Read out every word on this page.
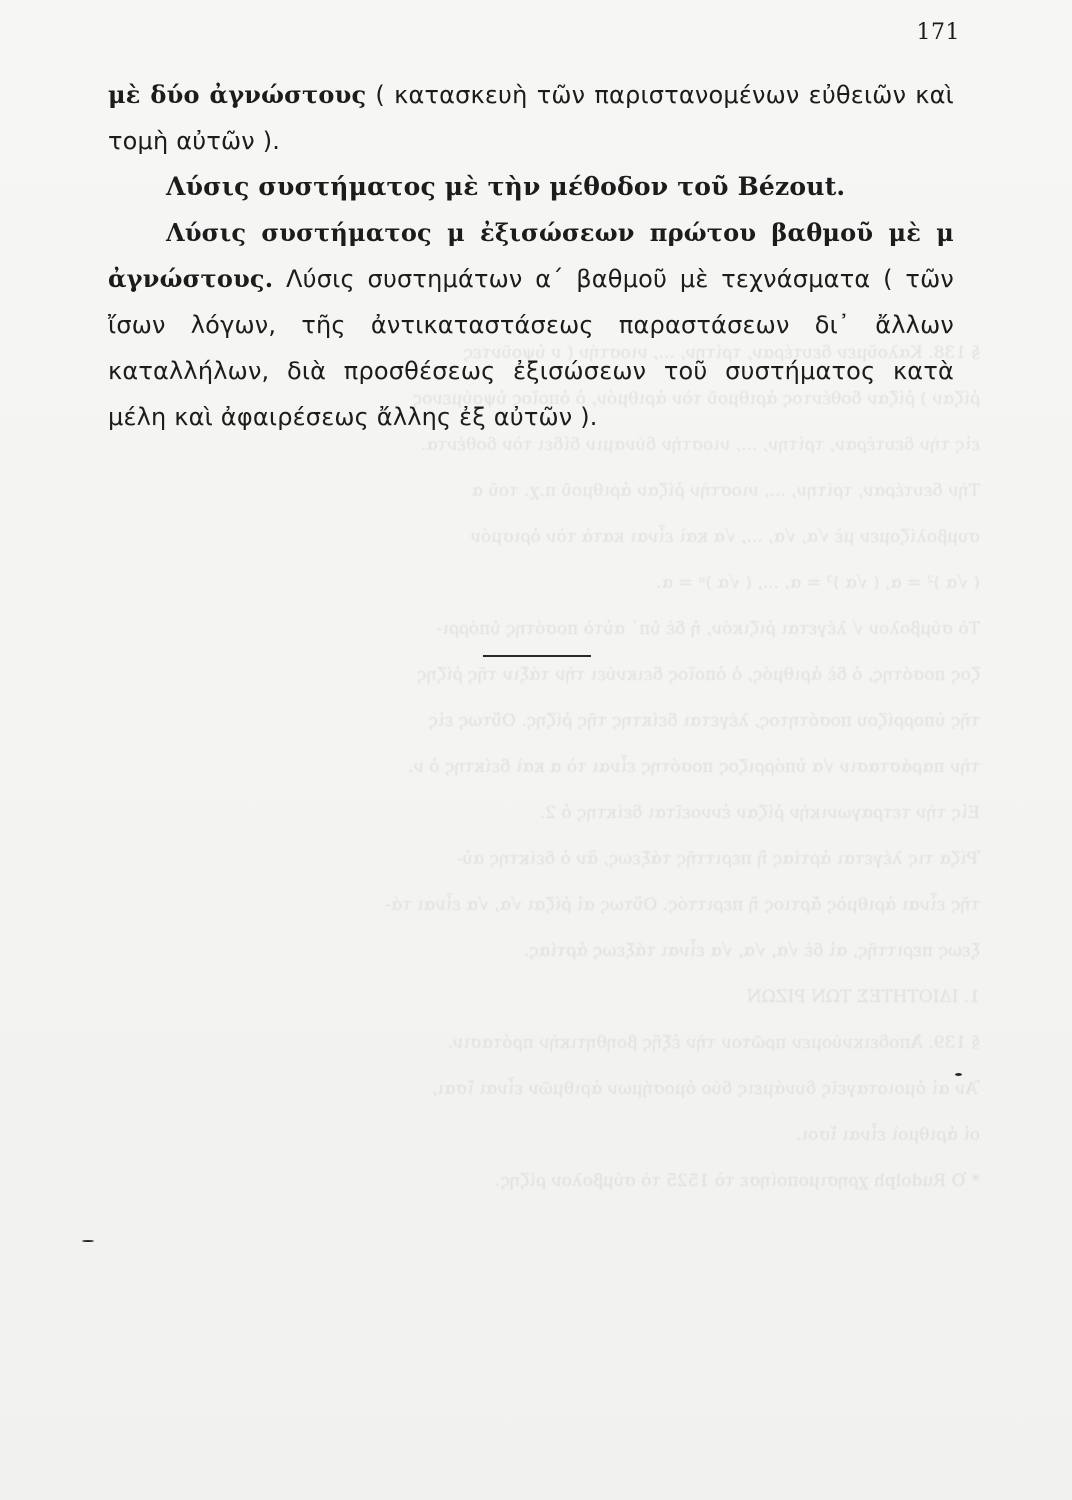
§ 138. Καλοῦμεν δευτέραν, τρίτην, ..., νιοστήν ( ν ὑψοῦντες
ῥίζαν ) ῥίζαν δοθέντος ἀριθμοῦ τὸν ἀριθμόν, ὁ ὁποῖος ὑψούμενος
εἰς τὴν δευτέραν, τρίτην, ..., νιοστὴν δύναμιν δίδει τὸν δοθέντα.
Τὴν δευτέραν, τρίτην, ..., νιοστὴν ῥίζαν ἀριθμοῦ π.χ. τοῦ α
συμβολίζομεν μὲ √α, √α, ..., √α καὶ εἶναι κατὰ τὸν ὁρισμόν
( √α )² = α, ( √α )³ = α, ..., ( √α )ⁿ = α.
Τὸ σύμβολον √ λέγεται ῥιζικόν, ἡ δὲ ὑπ᾿ αὐτὸ ποσότης ὑπόρρι-
ζος ποσότης, ὁ δὲ ἀριθμός, ὁ ὁποῖος δεικνύει τὴν τάξιν τῆς ῥίζης
τῆς ὑπορρίζου ποσότητος, λέγεται δείκτης τῆς ῥίζης. Οὕτως εἰς
τὴν παράστασιν √α ὑπόρριζος ποσότης εἶναι τὸ α καὶ δείκτης ὁ ν.
Εἰς τὴν τετραγωνικὴν ῥίζαν ἐννοεῖται δείκτης ὁ 2.
Ῥίζα τις λέγεται ἀρτίας ἢ περιττῆς τάξεως, ἂν ὁ δείκτης αὐ-
τῆς εἶναι ἀριθμὸς ἄρτιος ἢ περιττός. Οὕτως αἱ ῥίζαι √α, √α εἶναι τά-
ξεως περιττῆς, αἱ δὲ √α, √α, √α εἶναι τάξεως ἀρτίας.
1. ΙΔΙΟΤΗΤΕΣ ΤΩΝ ΡΙΖΩΝ
§ 139. Ἀποδεικνύομεν πρῶτον τὴν ἑξῆς βοηθητικὴν πρότασιν.
Ἂν αἱ ὁμοιοταγεῖς δυνάμεις δύο ὁμοσήμων ἀριθμῶν εἶναι ἴσαι,
οἱ ἀριθμοὶ εἶναι ἴσοι.
* Ὁ Rudolph χρησιμοποίησε τὸ 1525 τὸ σύμβολον ρίζης.
171

μὲ δύο ἀγνώστους ( κατασκευὴ τῶν παριστανομένων εὐθειῶν καὶ τομὴ αὐτῶν ).

Λύσις συστήματος μὲ τὴν μέθοδον τοῦ Bézout.

Λύσις συστήματος μ ἐξισώσεων πρώτου βαθμοῦ μὲ μ ἀγνώστους. Λύσις συστημάτων α΄ βαθμοῦ μὲ τεχνάσματα ( τῶν ἴσων λόγων, τῆς ἀντικαταστάσεως παραστάσεων δι᾿ ἄλλων καταλλήλων, διὰ προσθέσεως ἐξισώσεων τοῦ συστήματος κατὰ μέλη καὶ ἀφαιρέσεως ἄλλης ἐξ αὐτῶν ).
